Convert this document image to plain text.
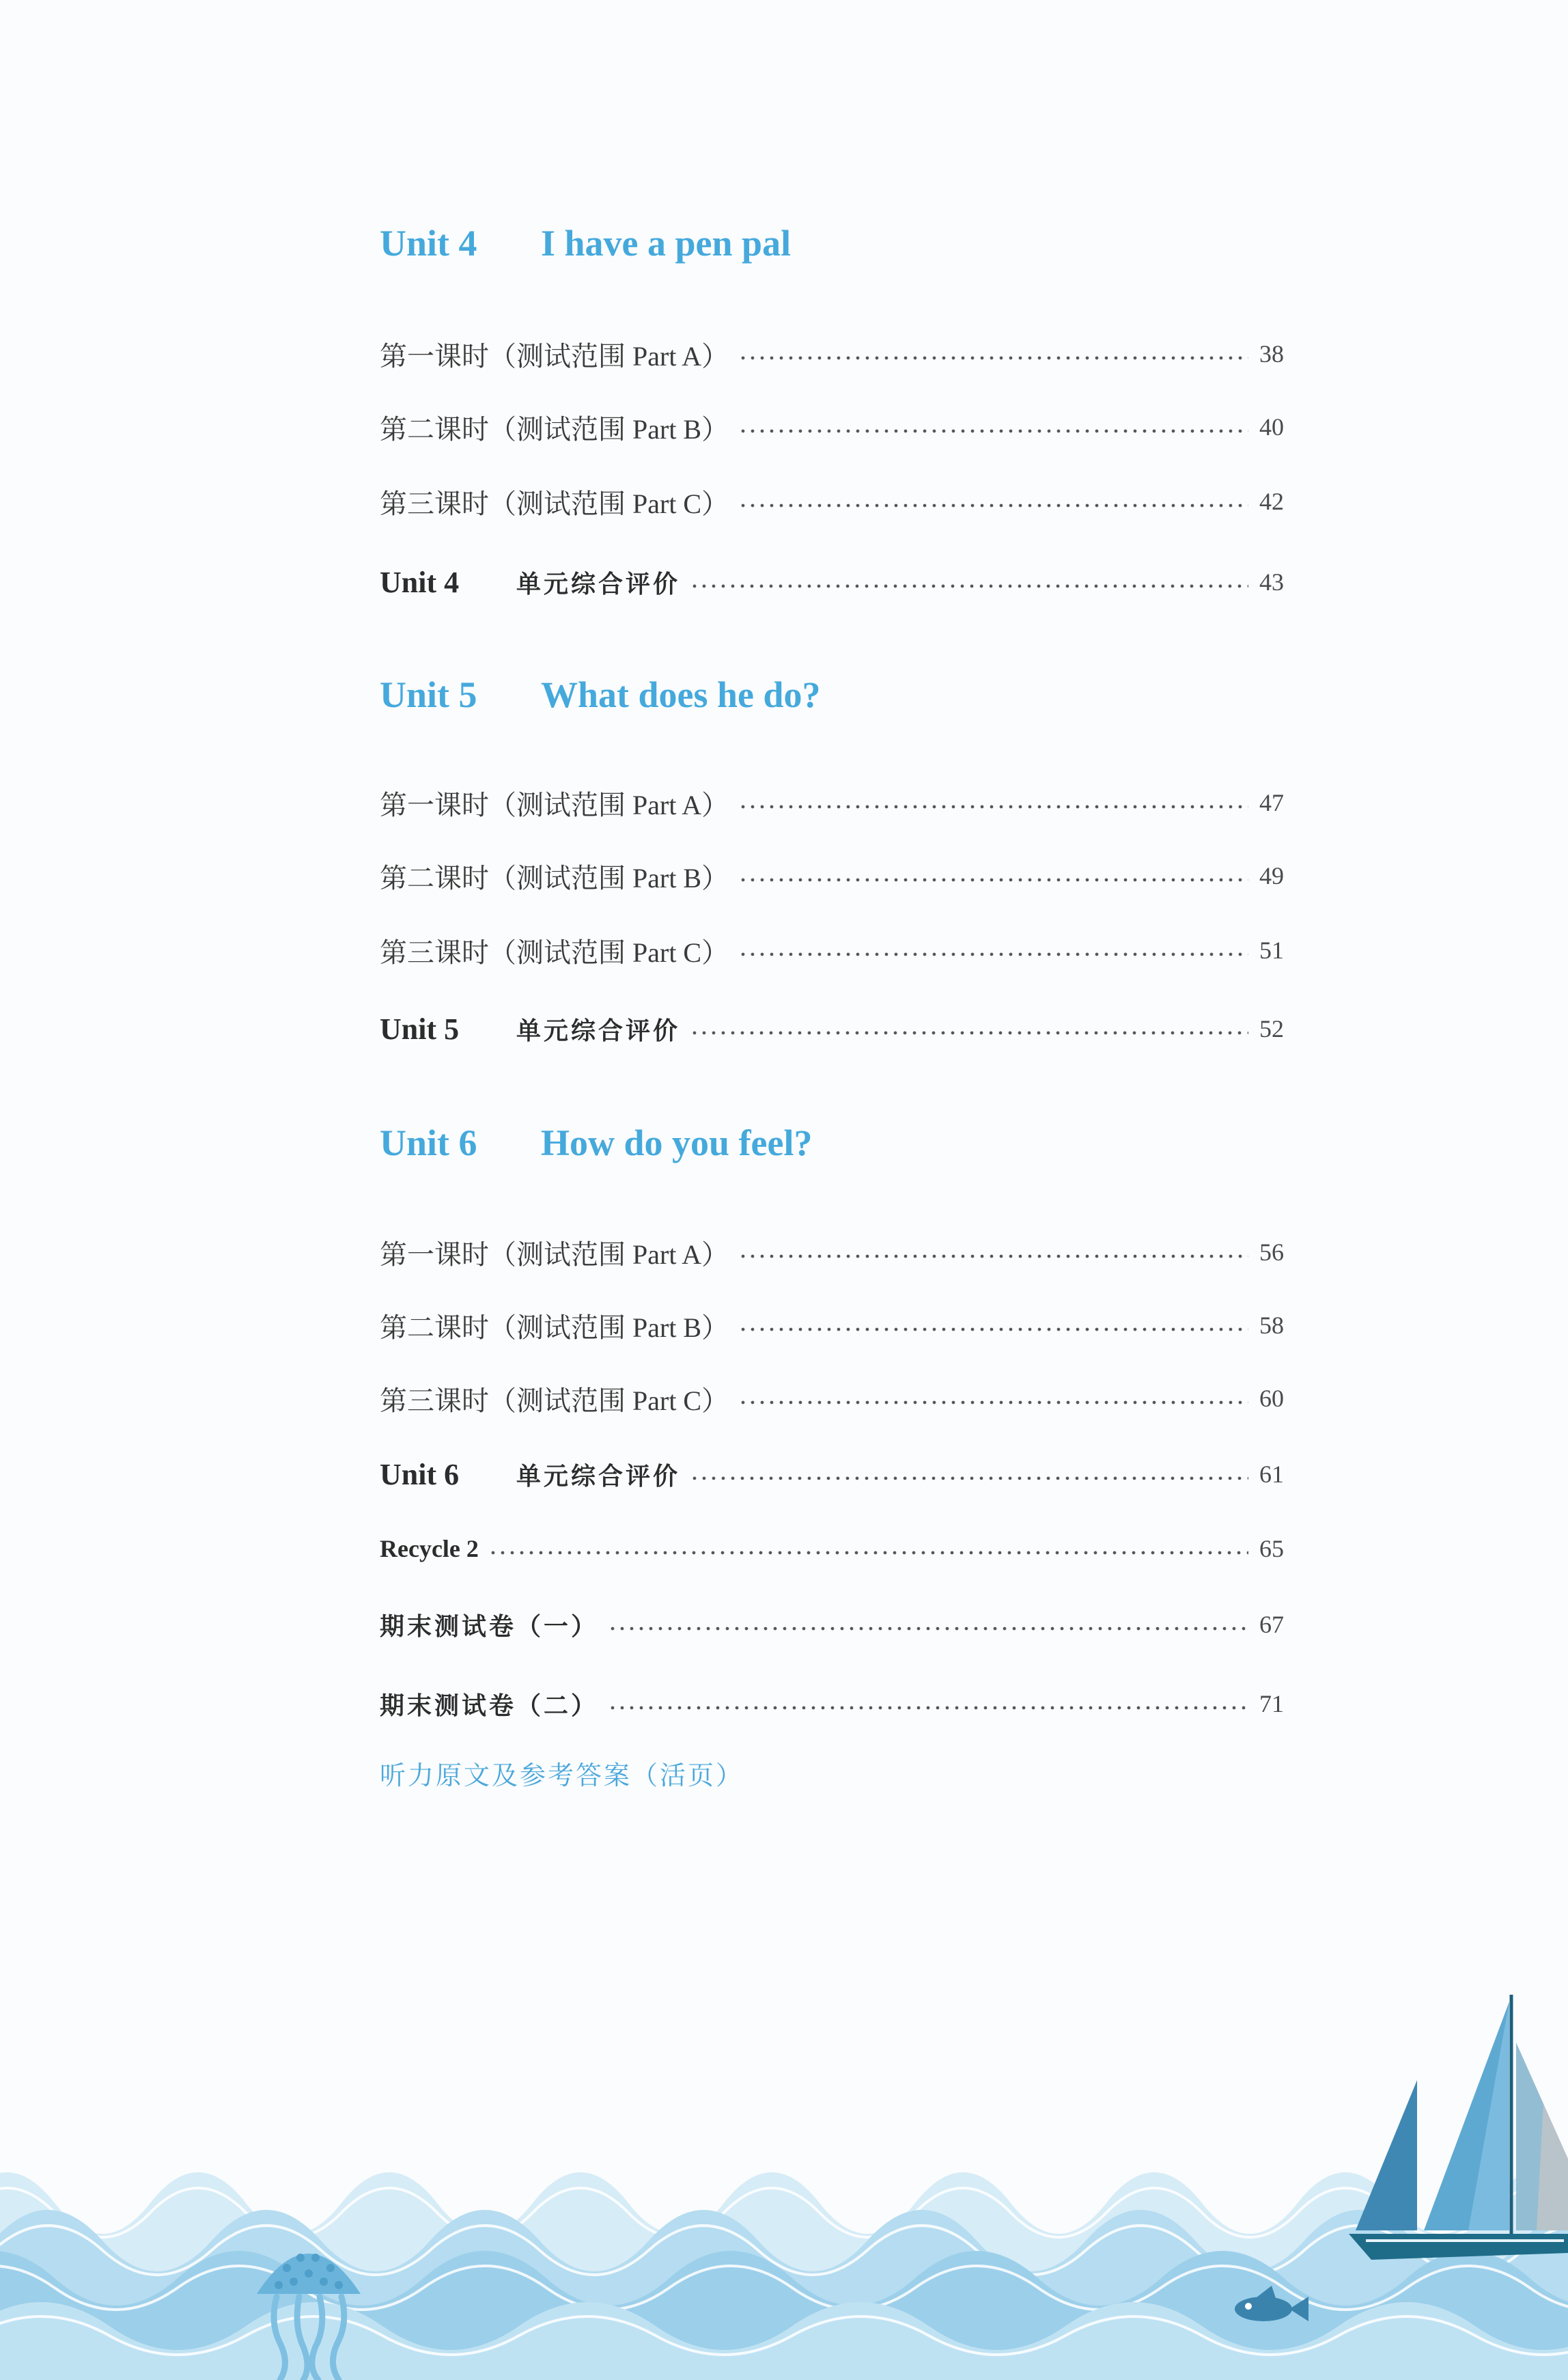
Unit 4 I have a pen pal
第一课时（测试范围 Part A）	38
第二课时（测试范围 Part B）	40
第三课时（测试范围 Part C）	42
Unit 4	单元综合评价	43
Unit 5 What does he do?
第一课时（测试范围 Part A）	47
第二课时（测试范围 Part B）	49
第三课时（测试范围 Part C）	51
Unit 5	单元综合评价	52
Unit 6 How do you feel?
第一课时（测试范围 Part A）	56
第二课时（测试范围 Part B）	58
第三课时（测试范围 Part C）	60
Unit 6	单元综合评价	61
Recycle 2	65
期末测试卷（一）	67
期末测试卷（二）	71
听力原文及参考答案（活页）
